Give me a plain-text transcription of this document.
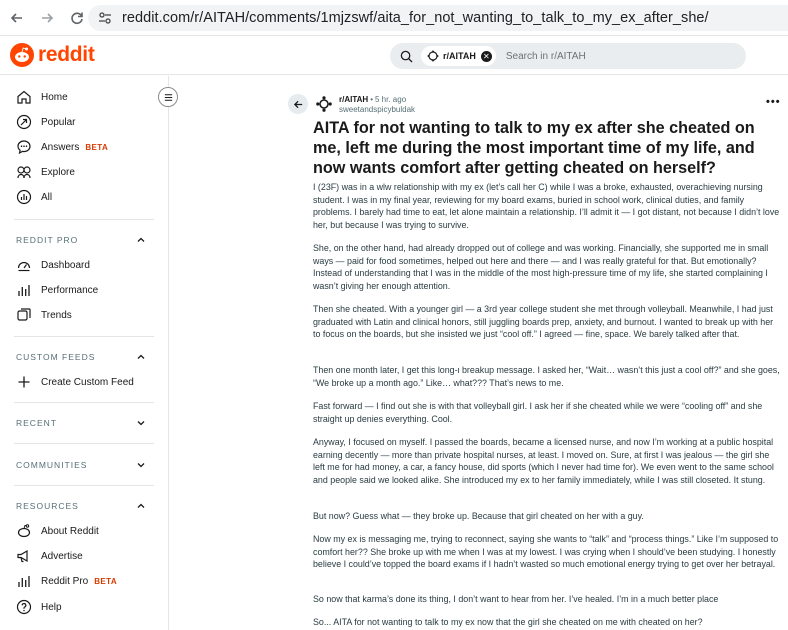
reddit.com/r/AITAH/comments/1mjzswf/aita_for_not_wanting_to_talk_to_my_ex_after_she/
reddit	r/AITAH ✕ Search in r/AITAH
Home
Popular
Answers BETA
Explore
All
REDDIT PRO
Dashboard
Performance
Trends
CUSTOM FEEDS
Create Custom Feed
RECENT
COMMUNITIES
RESOURCES
About Reddit
Advertise
Reddit Pro BETA
Help
r/AITAH • 5 hr. ago
sweetandspicybuldak
•••
AITA for not wanting to talk to my ex after she cheated on me, left me during the most important time of my life, and now wants comfort after getting cheated on herself?

I (23F) was in a wlw relationship with my ex (let’s call her C) while I was a broke, exhausted, overachieving nursing student. I was in my final year, reviewing for my board exams, buried in school work, clinical duties, and family problems. I barely had time to eat, let alone maintain a relationship. I’ll admit it — I got distant, not because I didn’t love her, but because I was trying to survive.

She, on the other hand, had already dropped out of college and was working. Financially, she supported me in small ways — paid for food sometimes, helped out here and there — and I was really grateful for that. But emotionally? Instead of understanding that I was in the middle of the most high-pressure time of my life, she started complaining I wasn’t giving her enough attention.

Then she cheated. With a younger girl — a 3rd year college student she met through volleyball. Meanwhile, I had just graduated with Latin and clinical honors, still juggling boards prep, anxiety, and burnout. I wanted to break up with her to focus on the boards, but she insisted we just “cool off.” I agreed — fine, space. We barely talked after that.

Then one month later, I get this long-ι breakup message. I asked her, “Wait… wasn’t this just a cool off?” and she goes, “We broke up a month ago.” Like… what??? That’s news to me.

Fast forward — I find out she is with that volleyball girl. I ask her if she cheated while we were “cooling off” and she straight up denies everything. Cool.

Anyway, I focused on myself. I passed the boards, became a licensed nurse, and now I’m working at a public hospital earning decently — more than private hospital nurses, at least. I moved on. Sure, at first I was jealous — the girl she left me for had money, a car, a fancy house, did sports (which I never had time for). We even went to the same school and people said we looked alike. She introduced my ex to her family immediately, while I was still closeted. It stung.

But now? Guess what — they broke up. Because that girl cheated on her with a guy.

Now my ex is messaging me, trying to reconnect, saying she wants to “talk” and “process things.” Like I’m supposed to comfort her?? She broke up with me when I was at my lowest. I was crying when I should’ve been studying. I honestly believe I could’ve topped the board exams if I hadn’t wasted so much emotional energy trying to get over her betrayal.

So now that karma’s done its thing, I don’t want to hear from her. I’ve healed. I’m in a much better place

So... AITA for not wanting to talk to my ex now that the girl she cheated on me with cheated on her?
